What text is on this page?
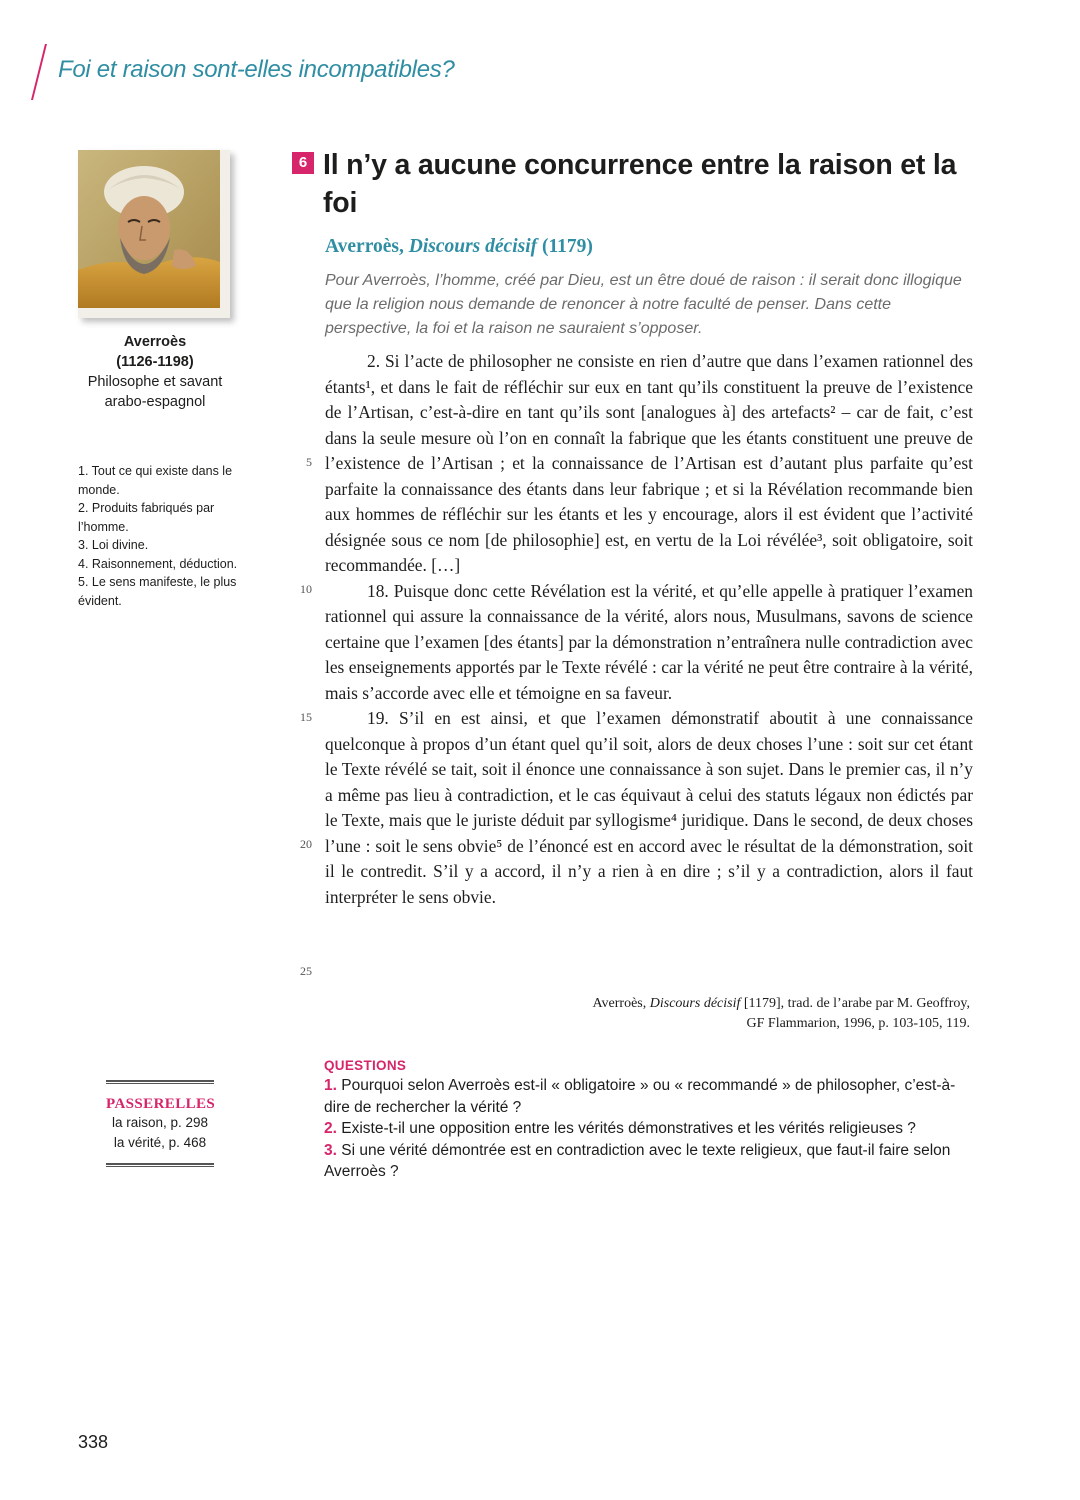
Foi et raison sont-elles incompatibles?
Averroès
(1126-1198)
Philosophe et savant
arabo-espagnol
1. Tout ce qui existe dans le monde.
2. Produits fabriqués par l’homme.
3. Loi divine.
4. Raisonnement, déduction.
5. Le sens manifeste, le plus évident.
PASSERELLES
la raison, p. 298
la vérité, p. 468
6 Il n’y a aucune concurrence entre la raison et la foi
Averroès, Discours décisif (1179)
Pour Averroès, l’homme, créé par Dieu, est un être doué de raison : il serait donc illogique que la religion nous demande de renoncer à notre faculté de penser. Dans cette perspective, la foi et la raison ne sauraient s’opposer.

2. Si l’acte de philosopher ne consiste en rien d’autre que dans l’examen rationnel des étants¹, et dans le fait de réfléchir sur eux en tant qu’ils constituent la preuve de l’existence de l’Artisan, c’est-à-dire en tant qu’ils sont [analogues à] des artefacts² – car de fait, c’est dans la seule mesure où l’on en connaît la fabrique que les étants constituent une preuve de l’existence de l’Artisan ; et la connaissance de l’Artisan est d’autant plus parfaite qu’est parfaite la connaissance des étants dans leur fabrique ; et si la Révélation recommande bien aux hommes de réfléchir sur les étants et les y encourage, alors il est évident que l’activité désignée sous ce nom [de philosophie] est, en vertu de la Loi révélée³, soit obligatoire, soit recommandée. […]

18. Puisque donc cette Révélation est la vérité, et qu’elle appelle à pratiquer l’examen rationnel qui assure la connaissance de la vérité, alors nous, Musulmans, savons de science certaine que l’examen [des étants] par la démonstration n’entraînera nulle contradiction avec les enseignements apportés par le Texte révélé : car la vérité ne peut être contraire à la vérité, mais s’accorde avec elle et témoigne en sa faveur.

19. S’il en est ainsi, et que l’examen démonstratif aboutit à une connaissance quelconque à propos d’un étant quel qu’il soit, alors de deux choses l’une : soit sur cet étant le Texte révélé se tait, soit il énonce une connaissance à son sujet. Dans le premier cas, il n’y a même pas lieu à contradiction, et le cas équivaut à celui des statuts légaux non édictés par le Texte, mais que le juriste déduit par syllogisme⁴ juridique. Dans le second, de deux choses l’une : soit le sens obvie⁵ de l’énoncé est en accord avec le résultat de la démonstration, soit il le contredit. S’il y a accord, il n’y a rien à en dire ; s’il y a contradiction, alors il faut interpréter le sens obvie.

5
10
15
20
25
Averroès, Discours décisif [1179], trad. de l’arabe par M. Geoffroy,
GF Flammarion, 1996, p. 103-105, 119.
QUESTIONS
1. Pourquoi selon Averroès est-il « obligatoire » ou « recommandé » de philosopher, c’est-à-dire de rechercher la vérité ?
2. Existe-t-il une opposition entre les vérités démonstratives et les vérités religieuses ?
3. Si une vérité démontrée est en contradiction avec le texte religieux, que faut-il faire selon Averroès ?
338
